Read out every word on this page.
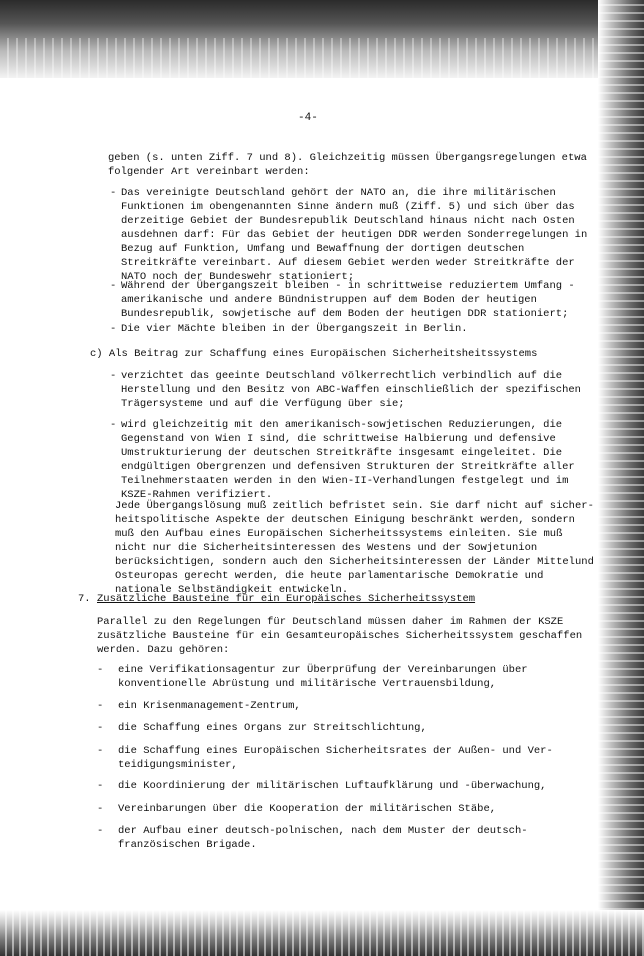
-4-
geben (s. unten Ziff. 7 und 8). Gleichzeitig müssen Übergangsregelungen etwa
folgender Art vereinbart werden:
- Das vereinigte Deutschland gehört der NATO an, die ihre militärischen
Funktionen im obengenannten Sinne ändern muß (Ziff. 5) und sich über das
derzeitige Gebiet der Bundesrepublik Deutschland hinaus nicht nach Osten
ausdehnen darf: Für das Gebiet der heutigen DDR werden Sonderregelungen in
Bezug auf Funktion, Umfang und Bewaffnung der dortigen deutschen
Streitkräfte vereinbart. Auf diesem Gebiet werden weder Streitkräfte der
NATO noch der Bundeswehr stationiert;
- Während der Übergangszeit bleiben - in schrittweise reduziertem Umfang -
amerikanische und andere Bündnistruppen auf dem Boden der heutigen
Bundesrepublik, sowjetische auf dem Boden der heutigen DDR stationiert;
- Die vier Mächte bleiben in der Übergangszeit in Berlin.
c) Als Beitrag zur Schaffung eines Europäischen Sicherheitsheitssystems
- verzichtet das geeinte Deutschland völkerrechtlich verbindlich auf die
Herstellung und den Besitz von ABC-Waffen einschließlich der spezifischen
Trägersysteme und auf die Verfügung über sie;
- wird gleichzeitig mit den amerikanisch-sowjetischen Reduzierungen, die
Gegenstand von Wien I sind, die schrittweise Halbierung und defensive
Umstrukturierung der deutschen Streitkräfte insgesamt eingeleitet. Die
endgültigen Obergrenzen und defensiven Strukturen der Streitkräfte aller
Teilnehmerstaaten werden in den Wien-II-Verhandlungen festgelegt und im
KSZE-Rahmen verifiziert.
Jede Übergangslösung muß zeitlich befristet sein. Sie darf nicht auf sicher-
heitspolitische Aspekte der deutschen Einigung beschränkt werden, sondern
muß den Aufbau eines Europäischen Sicherheitssystems einleiten. Sie muß
nicht nur die Sicherheitsinteressen des Westens und der Sowjetunion
berücksichtigen, sondern auch den Sicherheitsinteressen der Länder Mittelund
Osteuropas gerecht werden, die heute parlamentarische Demokratie und
nationale Selbständigkeit entwickeln.
7. Zusätzliche Bausteine für ein Europäisches Sicherheitssystem
Parallel zu den Regelungen für Deutschland müssen daher im Rahmen der KSZE
zusätzliche Bausteine für ein Gesamteuropäisches Sicherheitssystem geschaffen
werden. Dazu gehören:
- eine Verifikationsagentur zur Überprüfung der Vereinbarungen über
konventionelle Abrüstung und militärische Vertrauensbildung,
- ein Krisenmanagement-Zentrum,
- die Schaffung eines Organs zur Streitschlichtung,
- die Schaffung eines Europäischen Sicherheitsrates der Außen- und Ver-
teidigungsminister,
- die Koordinierung der militärischen Luftaufklärung und -überwachung,
- Vereinbarungen über die Kooperation der militärischen Stäbe,
- der Aufbau einer deutsch-polnischen, nach dem Muster der deutsch-
französischen Brigade.
